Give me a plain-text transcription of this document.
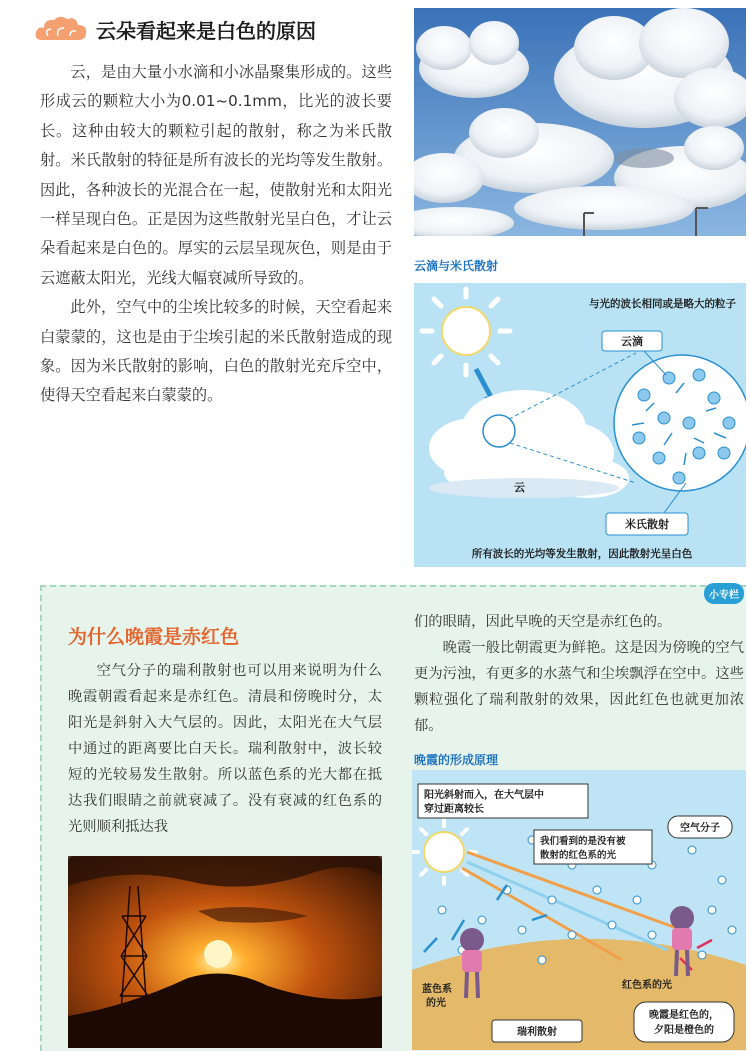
云朵看起来是白色的原因

云，是由大量小水滴和小冰晶聚集形成的。这些形成云的颗粒大小为0.01~0.1mm，比光的波长要长。这种由较大的颗粒引起的散射，称之为米氏散射。米氏散射的特征是所有波长的光均等发生散射。因此，各种波长的光混合在一起，使散射光和太阳光一样呈现白色。正是因为这些散射光呈白色，才让云朵看起来是白色的。厚实的云层呈现灰色，则是由于云遮蔽太阳光，光线大幅衰减所导致的。

此外，空气中的尘埃比较多的时候，天空看起来白蒙蒙的，这也是由于尘埃引起的米氏散射造成的现象。因为米氏散射的影响，白色的散射光充斥空中，使得天空看起来白蒙蒙的。

云滴与米氏散射
与光的波长相同或是略大的粒子
云滴
云
米氏散射
所有波长的光均等发生散射，因此散射光呈白色
小专栏
为什么晚霞是赤红色

空气分子的瑞利散射也可以用来说明为什么晚霞朝霞看起来是赤红色。清晨和傍晚时分，太阳光是斜射入大气层的。因此，太阳光在大气层中通过的距离要比白天长。瑞利散射中，波长较短的光较易发生散射。所以蓝色系的光大都在抵达我们眼睛之前就衰减了。没有衰减的红色系的光则顺利抵达我

们的眼睛，因此早晚的天空是赤红色的。

晚霞一般比朝霞更为鲜艳。这是因为傍晚的空气更为污浊，有更多的水蒸气和尘埃飘浮在空中。这些颗粒强化了瑞利散射的效果，因此红色也就更加浓郁。

晚霞的形成原理
阳光斜射而入，在大气层中
穿过距离较长
我们看到的是没有被
散射的红色系的光
空气分子
蓝色系
的光
红色系的光
瑞利散射
晚霞是红色的，
夕阳是橙色的
